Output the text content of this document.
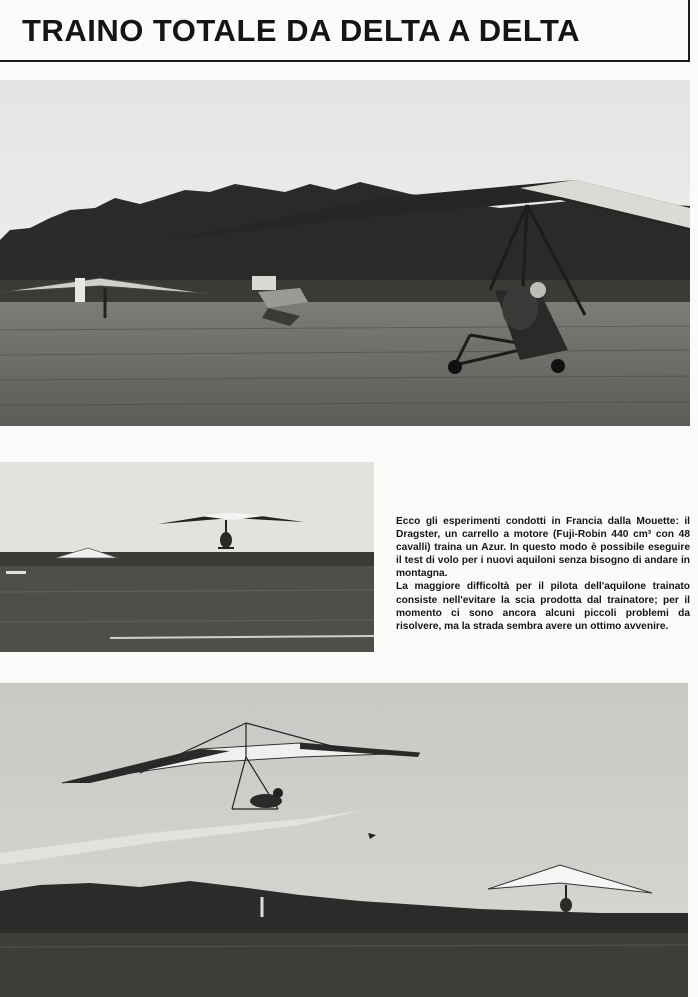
TRAINO TOTALE DA DELTA A DELTA

Ecco gli esperimenti condotti in Francia dalla Mouette: il Dragster, un carrello a motore (Fuji-Robin 440 cm³ con 48 cavalli) traina un Azur. In questo modo è possibile eseguire il test di volo per i nuovi aquiloni senza bisogno di andare in montagna.

La maggiore difficoltà per il pilota dell'aquilone trainato consiste nell'evitare la scia prodotta dal trainatore; per il momento ci sono ancora alcuni piccoli problemi da risolvere, ma la strada sembra avere un ottimo avvenire.
